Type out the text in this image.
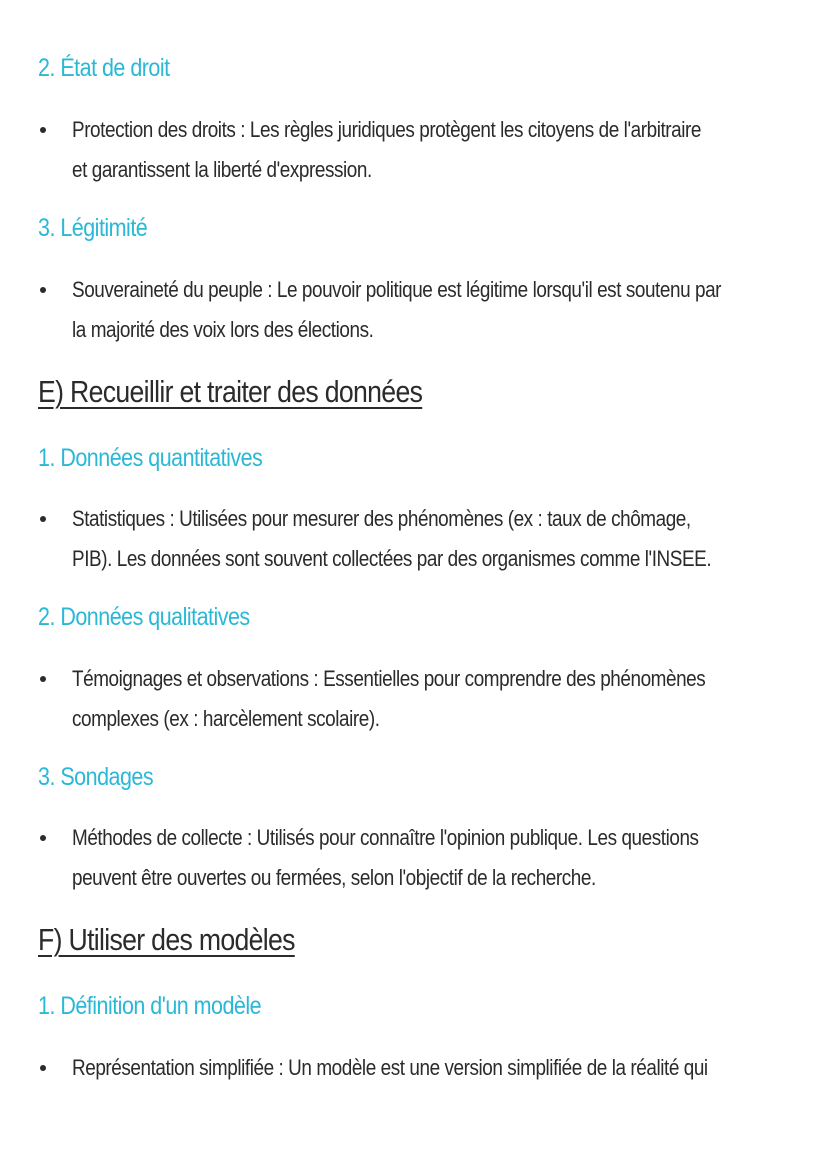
2. État de droit
Protection des droits : Les règles juridiques protègent les citoyens de l'arbitraire
et garantissent la liberté d'expression.
3. Légitimité
Souveraineté du peuple : Le pouvoir politique est légitime lorsqu'il est soutenu par
la majorité des voix lors des élections.
E) Recueillir et traiter des données
1. Données quantitatives
Statistiques : Utilisées pour mesurer des phénomènes (ex : taux de chômage,
PIB). Les données sont souvent collectées par des organismes comme l'INSEE.
2. Données qualitatives
Témoignages et observations : Essentielles pour comprendre des phénomènes
complexes (ex : harcèlement scolaire).
3. Sondages
Méthodes de collecte : Utilisés pour connaître l'opinion publique. Les questions
peuvent être ouvertes ou fermées, selon l'objectif de la recherche.
F) Utiliser des modèles
1. Définition d'un modèle
Représentation simplifiée : Un modèle est une version simplifiée de la réalité qui
